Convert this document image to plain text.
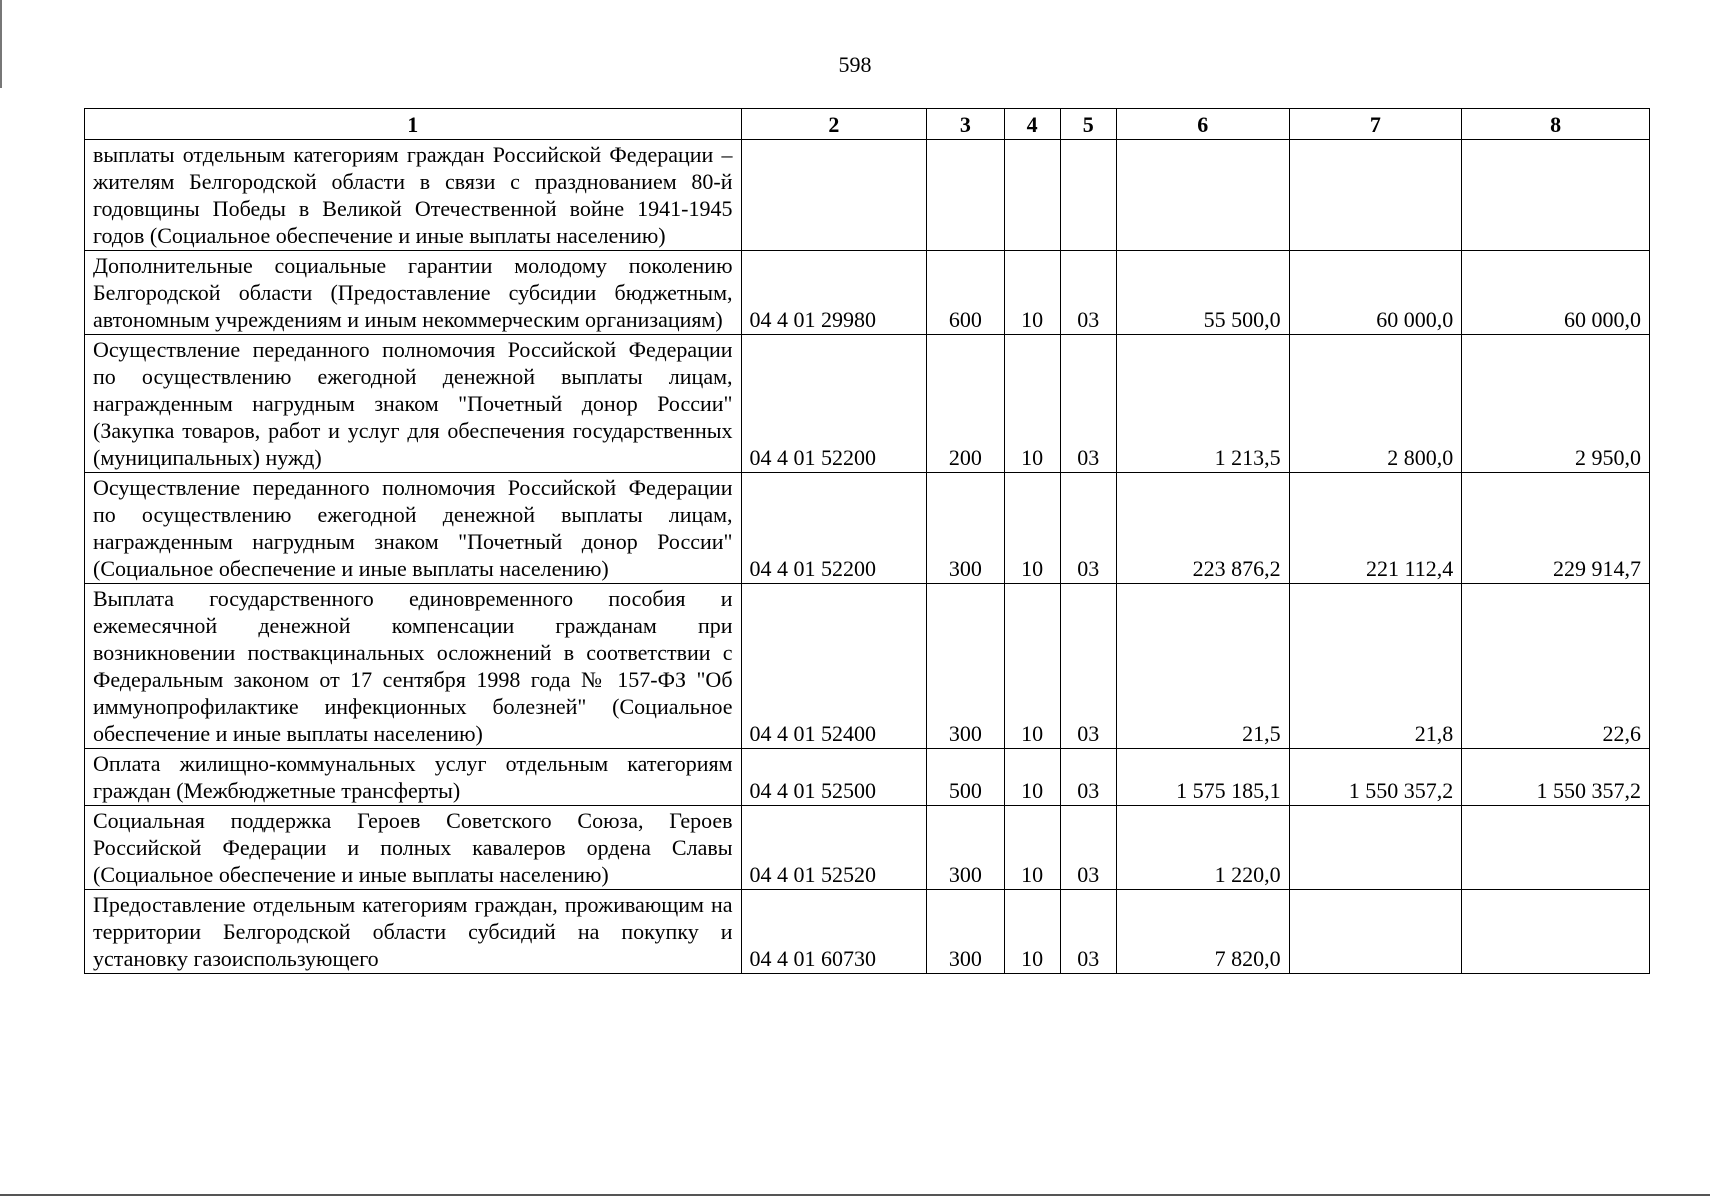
598
1	2	3	4	5	6	7	8
выплаты отдельным категориям граждан Российской Федерации – жителям Белгородской области в связи с празднованием 80-й годовщины Победы в Великой Отечественной войне 1941-1945 годов (Социальное обеспечение и иные выплаты населению)							
Дополнительные социальные гарантии молодому поколению Белгородской области (Предоставление субсидии бюджетным, автономным учреждениям и иным некоммерческим организациям)	04 4 01 29980	600	10	03	55 500,0	60 000,0	60 000,0
Осуществление переданного полномочия Российской Федерации по осуществлению ежегодной денежной выплаты лицам, награжденным нагрудным знаком "Почетный донор России" (Закупка товаров, работ и услуг для обеспечения государственных (муниципальных) нужд)	04 4 01 52200	200	10	03	1 213,5	2 800,0	2 950,0
Осуществление переданного полномочия Российской Федерации по осуществлению ежегодной денежной выплаты лицам, награжденным нагрудным знаком "Почетный донор России" (Социальное обеспечение и иные выплаты населению)	04 4 01 52200	300	10	03	223 876,2	221 112,4	229 914,7
Выплата государственного единовременного пособия и ежемесячной денежной компенсации гражданам при возникновении поствакцинальных осложнений в соответствии с Федеральным законом от 17 сентября 1998 года № 157-ФЗ "Об иммунопрофилактике инфекционных болезней" (Социальное обеспечение и иные выплаты населению)	04 4 01 52400	300	10	03	21,5	21,8	22,6
Оплата жилищно-коммунальных услуг отдельным категориям граждан (Межбюджетные трансферты)	04 4 01 52500	500	10	03	1 575 185,1	1 550 357,2	1 550 357,2
Социальная поддержка Героев Советского Союза, Героев Российской Федерации и полных кавалеров ордена Славы (Социальное обеспечение и иные выплаты населению)	04 4 01 52520	300	10	03	1 220,0		
Предоставление отдельным категориям граждан, проживающим на территории Белгородской области субсидий на покупку и установку газоиспользующего	04 4 01 60730	300	10	03	7 820,0		
